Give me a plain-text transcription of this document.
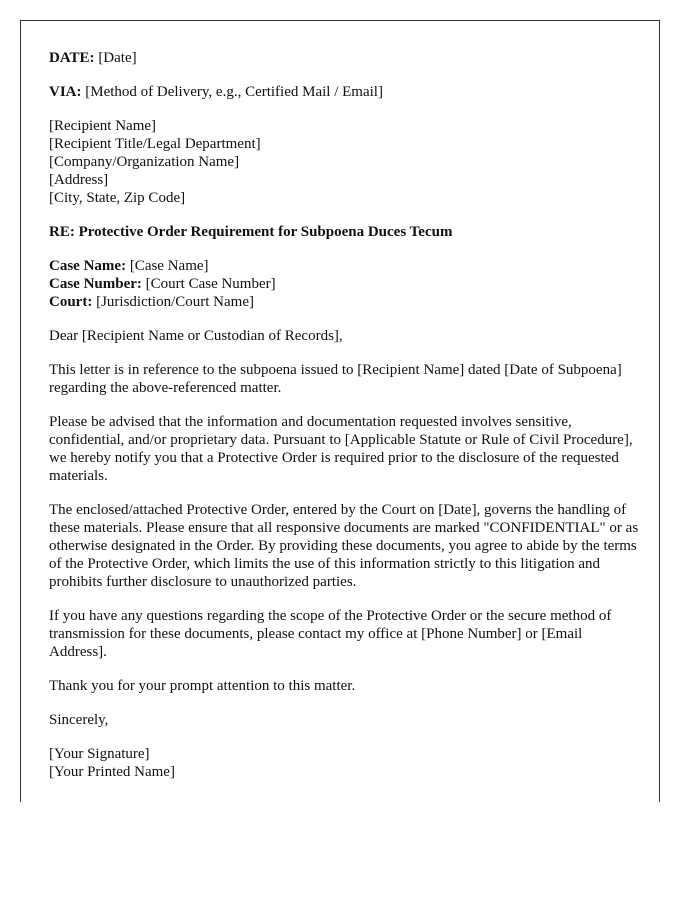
DATE: [Date]

VIA: [Method of Delivery, e.g., Certified Mail / Email]

[Recipient Name]
[Recipient Title/Legal Department]
[Company/Organization Name]
[Address]
[City, State, Zip Code]

RE: Protective Order Requirement for Subpoena Duces Tecum

Case Name: [Case Name]
Case Number: [Court Case Number]
Court: [Jurisdiction/Court Name]

Dear [Recipient Name or Custodian of Records],

This letter is in reference to the subpoena issued to [Recipient Name] dated [Date of Subpoena] regarding the above-referenced matter.

Please be advised that the information and documentation requested involves sensitive, confidential, and/or proprietary data. Pursuant to [Applicable Statute or Rule of Civil Procedure], we hereby notify you that a Protective Order is required prior to the disclosure of the requested materials.

The enclosed/attached Protective Order, entered by the Court on [Date], governs the handling of these materials. Please ensure that all responsive documents are marked "CONFIDENTIAL" or as otherwise designated in the Order. By providing these documents, you agree to abide by the terms of the Protective Order, which limits the use of this information strictly to this litigation and prohibits further disclosure to unauthorized parties.

If you have any questions regarding the scope of the Protective Order or the secure method of transmission for these documents, please contact my office at [Phone Number] or [Email Address].

Thank you for your prompt attention to this matter.

Sincerely,

[Your Signature]
[Your Printed Name]
